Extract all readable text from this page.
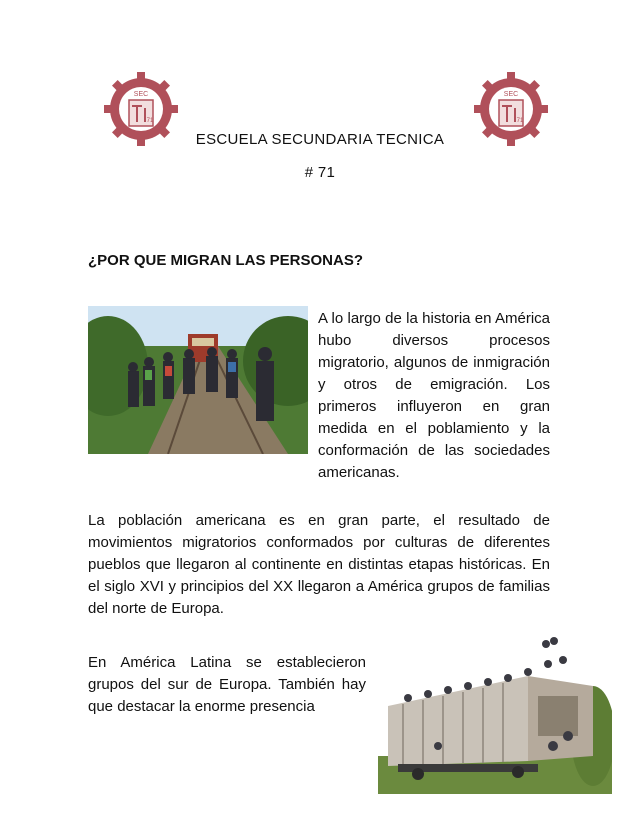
SEC
71
SEC
71
ESCUELA SECUNDARIA TECNICA
# 71
¿POR QUE MIGRAN LAS PERSONAS?
A lo largo de la historia en América hubo diversos procesos migratorio, algunos de inmigración y otros de emigración. Los primeros influyeron en gran medida en el poblamiento y la conformación de las sociedades americanas.
La población americana es en gran parte, el resultado de movimientos migratorios conformados por culturas de diferentes pueblos que llegaron al continente en distintas etapas históricas. En el siglo XVI y principios del XX llegaron a América grupos de familias del norte de Europa.
En América Latina se establecieron grupos del sur de Europa. También hay que destacar la enorme presencia
